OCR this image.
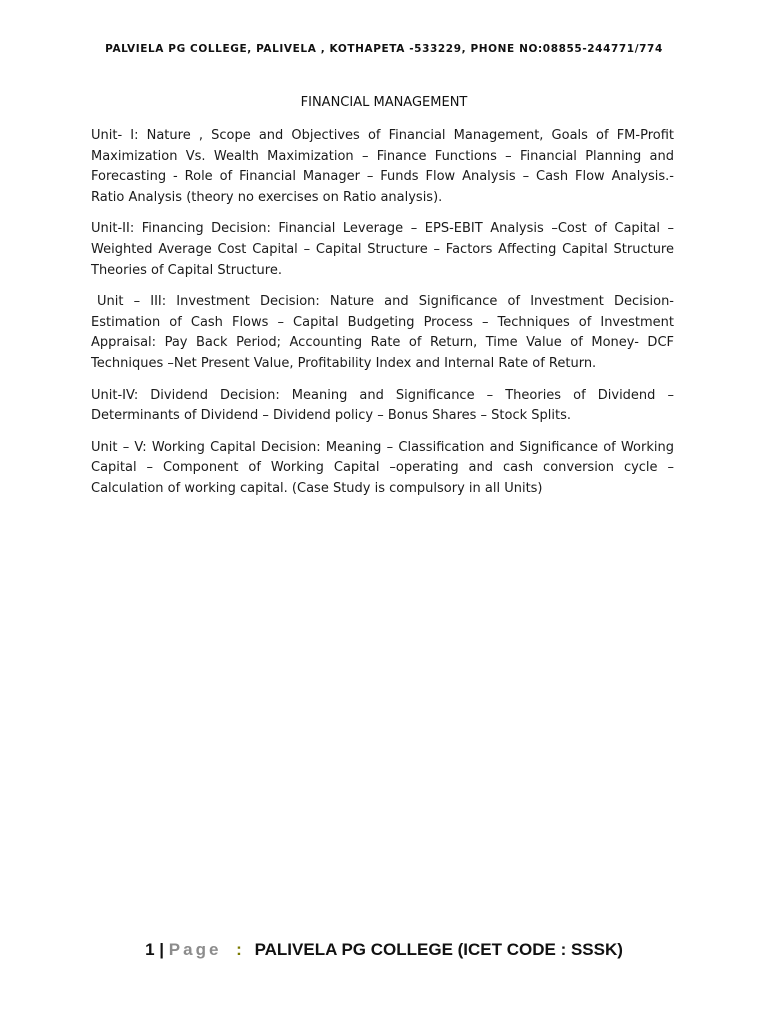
PALVIELA PG COLLEGE, PALIVELA , KOTHAPETA -533229, PHONE NO:08855-244771/774
FINANCIAL MANAGEMENT

Unit- I: Nature , Scope and Objectives of Financial Management, Goals of FM-Profit Maximization Vs. Wealth Maximization – Finance Functions – Financial Planning and Forecasting - Role of Financial Manager – Funds Flow Analysis – Cash Flow Analysis.- Ratio Analysis (theory no exercises on Ratio analysis).

Unit-II: Financing Decision: Financial Leverage – EPS-EBIT Analysis –Cost of Capital – Weighted Average Cost Capital – Capital Structure – Factors Affecting Capital Structure Theories of Capital Structure.

Unit – III: Investment Decision: Nature and Significance of Investment Decision- Estimation of Cash Flows – Capital Budgeting Process – Techniques of Investment Appraisal: Pay Back Period; Accounting Rate of Return, Time Value of Money- DCF Techniques –Net Present Value, Profitability Index and Internal Rate of Return.

Unit-IV: Dividend Decision: Meaning and Significance – Theories of Dividend – Determinants of Dividend – Dividend policy – Bonus Shares – Stock Splits.

Unit – V: Working Capital Decision: Meaning – Classification and Significance of Working Capital – Component of Working Capital –operating and cash conversion cycle – Calculation of working capital. (Case Study is compulsory in all Units)

1 | Page : PALIVELA PG COLLEGE (ICET CODE : SSSK)
